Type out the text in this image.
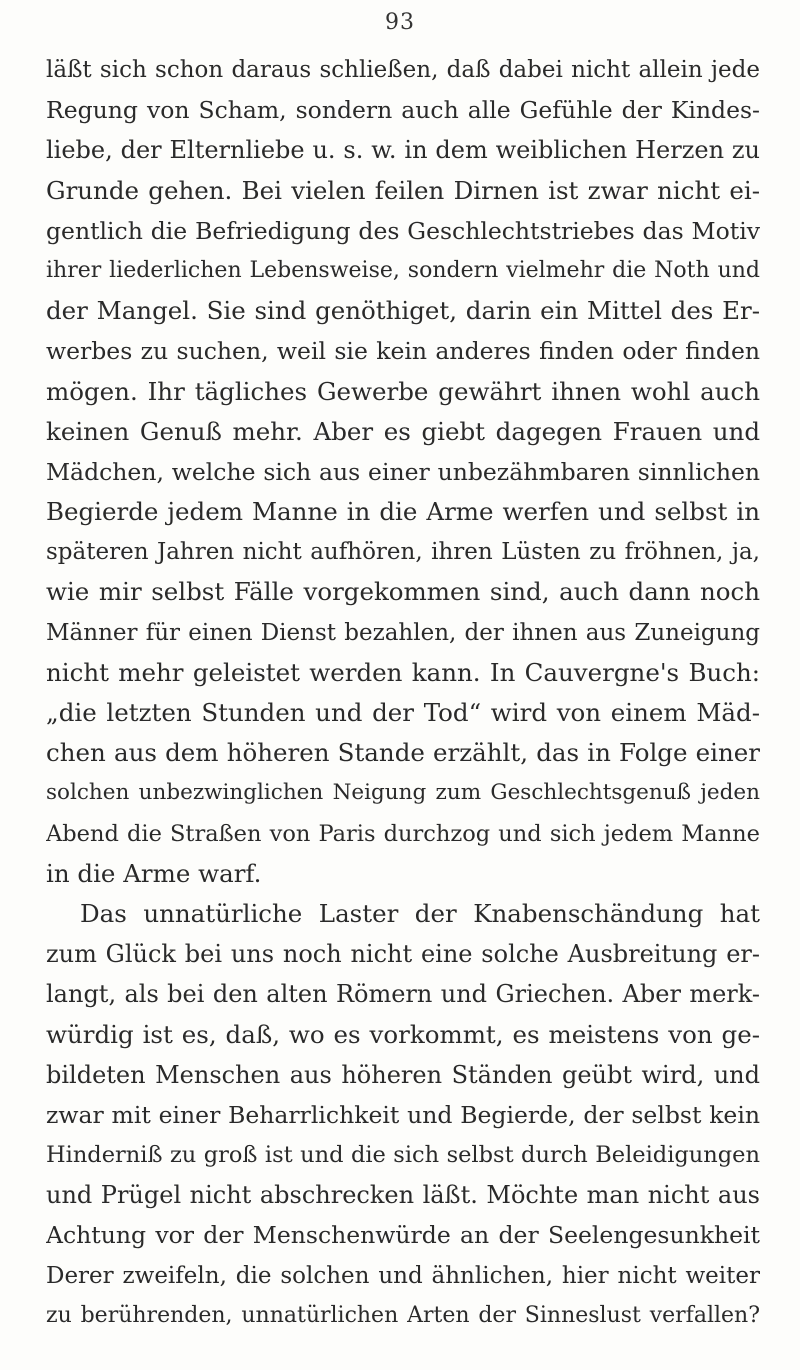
93
läßt sich schon daraus schließen, daß dabei nicht allein jede
Regung von Scham, sondern auch alle Gefühle der Kindes-
liebe, der Elternliebe u. s. w. in dem weiblichen Herzen zu
Grunde gehen. Bei vielen feilen Dirnen ist zwar nicht ei-
gentlich die Befriedigung des Geschlechtstriebes das Motiv
ihrer liederlichen Lebensweise, sondern vielmehr die Noth und
der Mangel. Sie sind genöthiget, darin ein Mittel des Er-
werbes zu suchen, weil sie kein anderes finden oder finden
mögen. Ihr tägliches Gewerbe gewährt ihnen wohl auch
keinen Genuß mehr. Aber es giebt dagegen Frauen und
Mädchen, welche sich aus einer unbezähmbaren sinnlichen
Begierde jedem Manne in die Arme werfen und selbst in
späteren Jahren nicht aufhören, ihren Lüsten zu fröhnen, ja,
wie mir selbst Fälle vorgekommen sind, auch dann noch
Männer für einen Dienst bezahlen, der ihnen aus Zuneigung
nicht mehr geleistet werden kann. In Cauvergne's Buch:
„die letzten Stunden und der Tod“ wird von einem Mäd-
chen aus dem höheren Stande erzählt, das in Folge einer
solchen unbezwinglichen Neigung zum Geschlechtsgenuß jeden
Abend die Straßen von Paris durchzog und sich jedem Manne
in die Arme warf.
Das unnatürliche Laster der Knabenschändung hat
zum Glück bei uns noch nicht eine solche Ausbreitung er-
langt, als bei den alten Römern und Griechen. Aber merk-
würdig ist es, daß, wo es vorkommt, es meistens von ge-
bildeten Menschen aus höheren Ständen geübt wird, und
zwar mit einer Beharrlichkeit und Begierde, der selbst kein
Hinderniß zu groß ist und die sich selbst durch Beleidigungen
und Prügel nicht abschrecken läßt. Möchte man nicht aus
Achtung vor der Menschenwürde an der Seelengesunkheit
Derer zweifeln, die solchen und ähnlichen, hier nicht weiter
zu berührenden, unnatürlichen Arten der Sinneslust verfallen?
